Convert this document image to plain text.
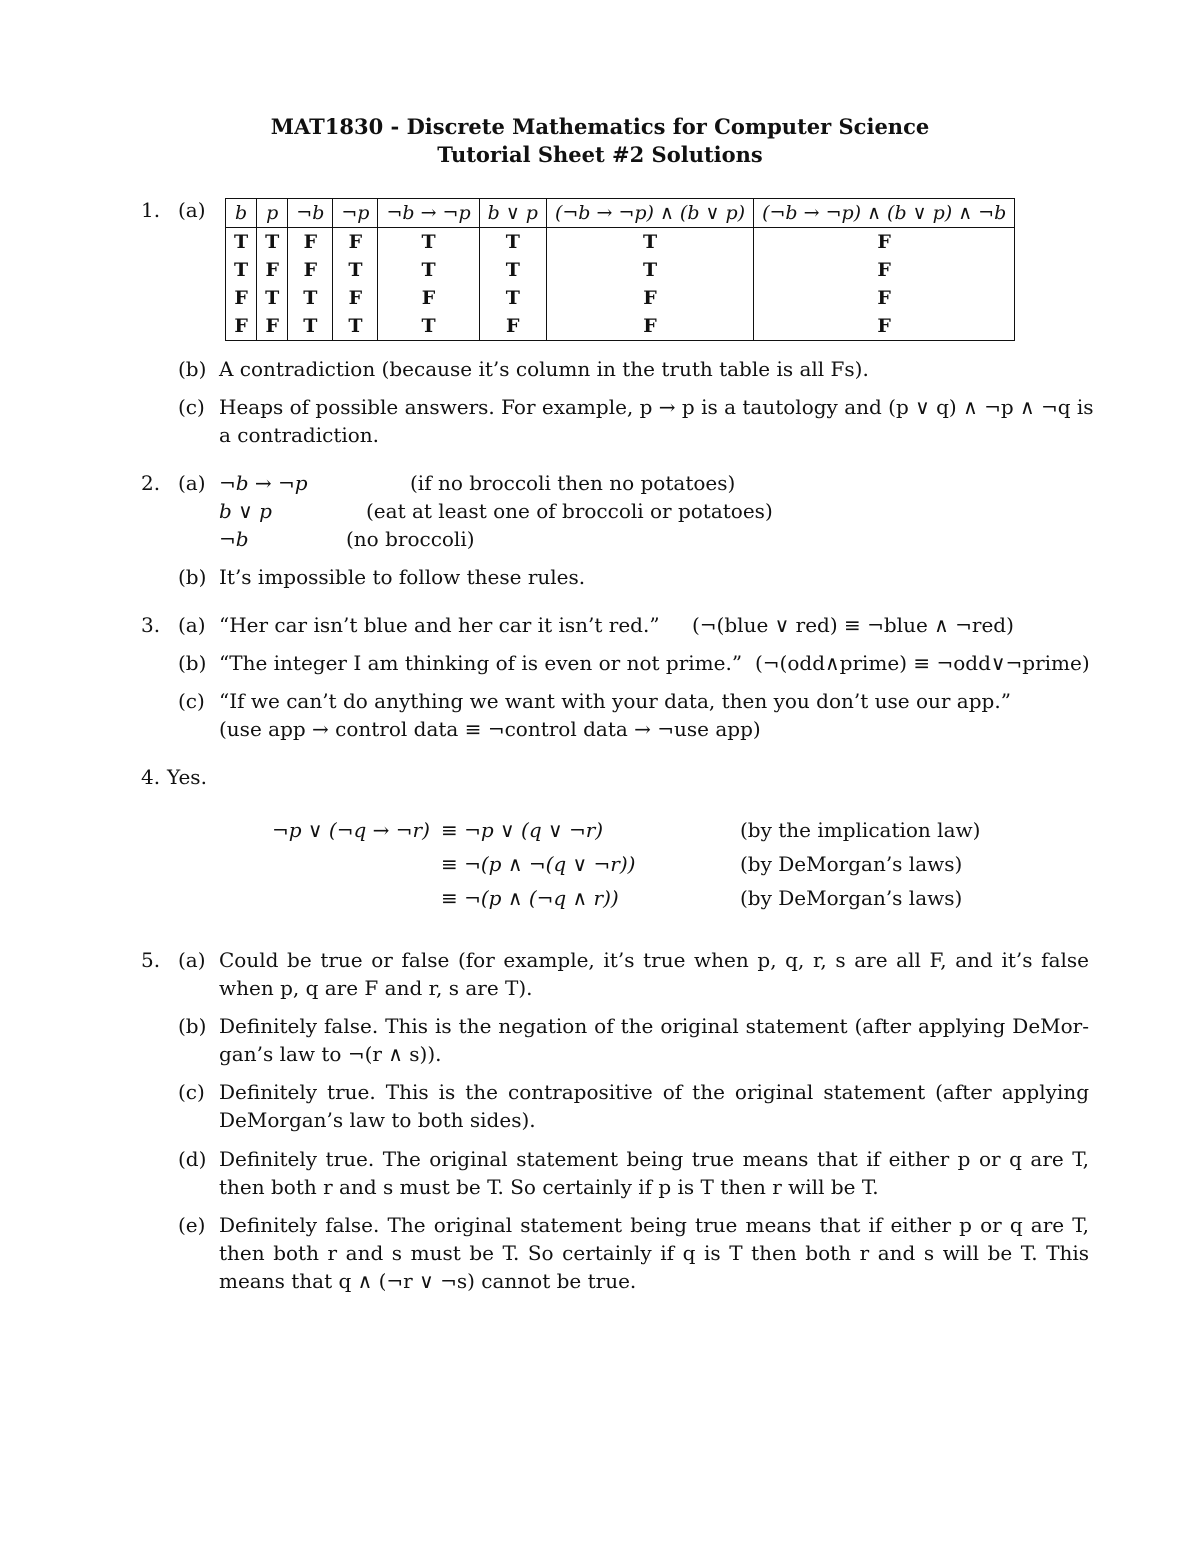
MAT1830 - Discrete Mathematics for Computer Science
Tutorial Sheet #2 Solutions
1. (a) b	p	¬b	¬p	¬b → ¬p	b ∨ p	(¬b → ¬p) ∧ (b ∨ p)	(¬b → ¬p) ∧ (b ∨ p) ∧ ¬b
T	T	F	F	T	T	T	F
T	F	F	T	T	T	T	F
F	T	T	F	F	T	F	F
F	F	T	T	T	F	F	F
(b) A contradiction (because it’s column in the truth table is all Fs).
(c) Heaps of possible answers. For example, p → p is a tautology and (p ∨ q) ∧ ¬p ∧ ¬q is
a contradiction.
2. (a) ¬b → ¬p	(if no broccoli then no potatoes)
b ∨ p	(eat at least one of broccoli or potatoes)
¬b	(no broccoli)
(b) It’s impossible to follow these rules.
3. (a) “Her car isn’t blue and her car it isn’t red.” (¬(blue ∨ red) ≡ ¬blue ∧ ¬red)
(b) “The integer I am thinking of is even or not prime.” (¬(odd∧prime) ≡ ¬odd∨¬prime)
(c) “If we can’t do anything we want with your data, then you don’t use our app.”
(use app → control data ≡ ¬control data → ¬use app)
4. Yes.
¬p ∨ (¬q → ¬r) ≡ ¬p ∨ (q ∨ ¬r)	(by the implication law)
≡ ¬(p ∧ ¬(q ∨ ¬r))	(by DeMorgan’s laws)
≡ ¬(p ∧ (¬q ∧ r))	(by DeMorgan’s laws)
5. (a) Could be true or false (for example, it’s true when p, q, r, s are all F, and it’s false
when p, q are F and r, s are T).
(b) Definitely false. This is the negation of the original statement (after applying DeMor-
gan’s law to ¬(r ∧ s)).
(c) Definitely true. This is the contrapositive of the original statement (after applying
DeMorgan’s law to both sides).
(d) Definitely true. The original statement being true means that if either p or q are T,
then both r and s must be T. So certainly if p is T then r will be T.
(e) Definitely false. The original statement being true means that if either p or q are T,
then both r and s must be T. So certainly if q is T then both r and s will be T. This
means that q ∧ (¬r ∨ ¬s) cannot be true.
